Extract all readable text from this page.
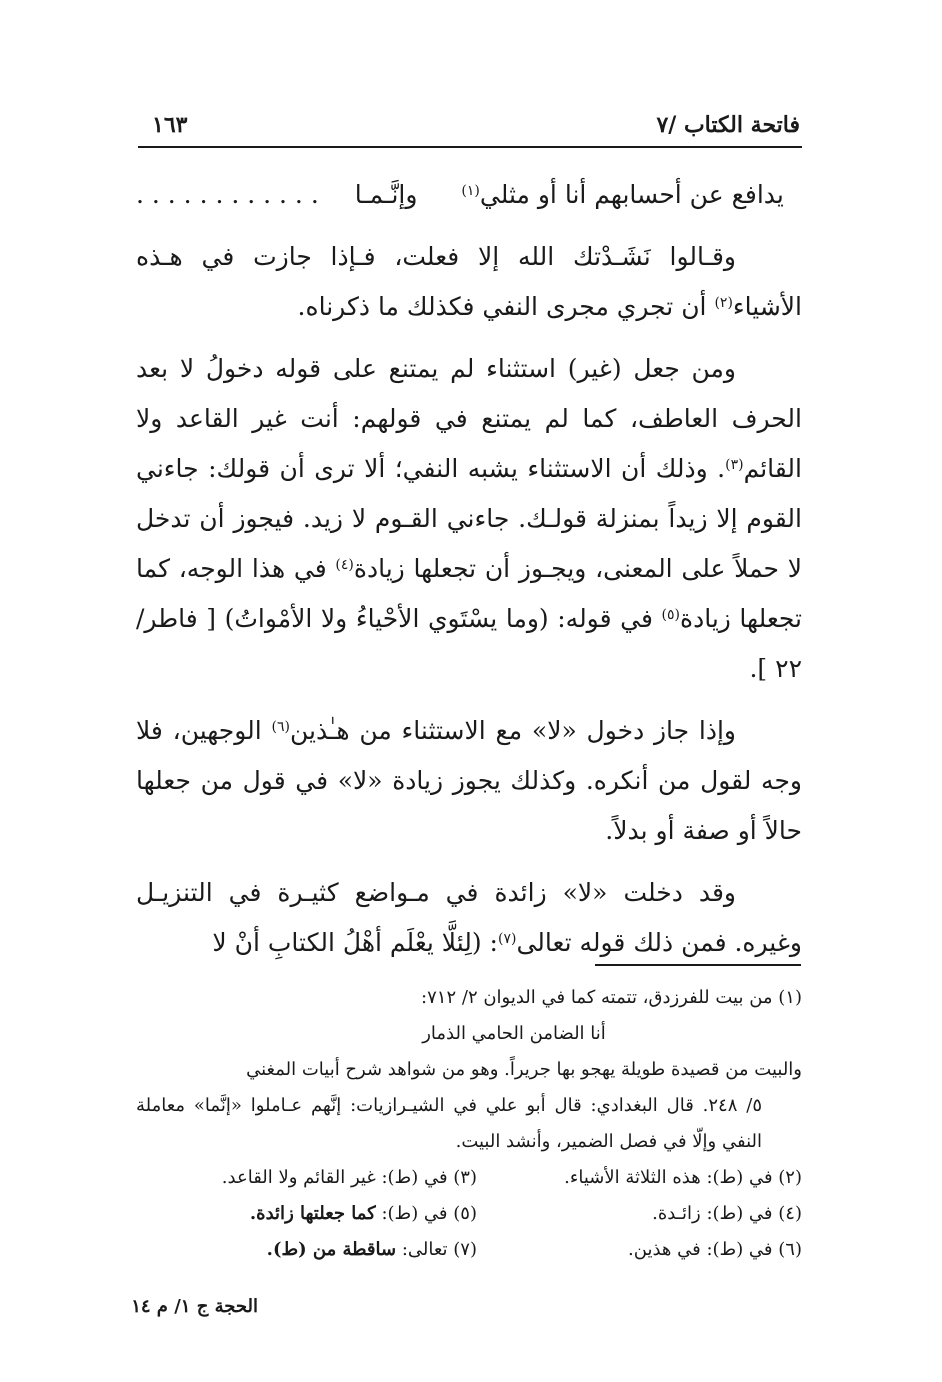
فاتحة الكتاب /٧
١٦٣

. . . . . . . . . . . . وإنَّـمـا يدافع عن أحسابهم أنا أو مثلي$^{(١)}$

وقـالوا نَشَـدْتك الله إلا فعلت، فـإذا جازت في هـذه الأشياء$^{(٢)}$ أن تجري مجرى النفي فكذلك ما ذكرناه.

ومن جعل (غير) استثناء لم يمتنع على قوله دخولُ لا بعد الحرف العاطف، كما لم يمتنع في قولهم: أنت غير القاعد ولا القائم$^{(٣)}$. وذلك أن الاستثناء يشبه النفي؛ ألا ترى أن قولك: جاءني القوم إلا زيداً بمنزلة قولـك. جاءني القـوم لا زيد. فيجوز أن تدخل لا حملاً على المعنى، ويجـوز أن تجعلها زيادة$^{(٤)}$ في هذا الوجه، كما تجعلها زيادة$^{(٥)}$ في قوله: (وما يسْتَوي الأحْياءُ ولا الأمْواتُ) [ فاطر/٢٢ ].

وإذا جاز دخول «لا» مع الاستثناء من هـٰذين$^{(٦)}$ الوجهين، فلا وجه لقول من أنكره. وكذلك يجوز زيادة «لا» في قول من جعلها حالاً أو صفة أو بدلاً.

وقد دخلت «لا» زائدة في مـواضع كثيـرة في التنزيـل وغيره. فمن ذلك قوله تعالى$^{(٧)}$: (لِئلَّا يعْلَم أهْلُ الكتابِ أنْ لا

(١) من بيت للفرزدق، تتمته كما في الديوان ٢/ ٧١٢:

أنا الضامن الحامي الذمار

والبيت من قصيدة طويلة يهجو بها جريراً. وهو من شواهد شرح أبيات المغني

٥/ ٢٤٨. قال البغدادي: قال أبو علي في الشيـرازيات: إنَّهم عـاملوا «إنَّما» معاملة النفي وإلّا في فصل الضمير، وأنشد البيت.

(٢) في (ط): هذه الثلاثة الأشياء.
(٣) في (ط): غير القائم ولا القاعد.
(٤) في (ط): زائـدة.
(٥) في (ط): كما جعلتها زائدة.
(٦) في (ط): في هذين.
(٧) تعالى: ساقطة من (ط).
الحجة ج ١/ م ١٤
